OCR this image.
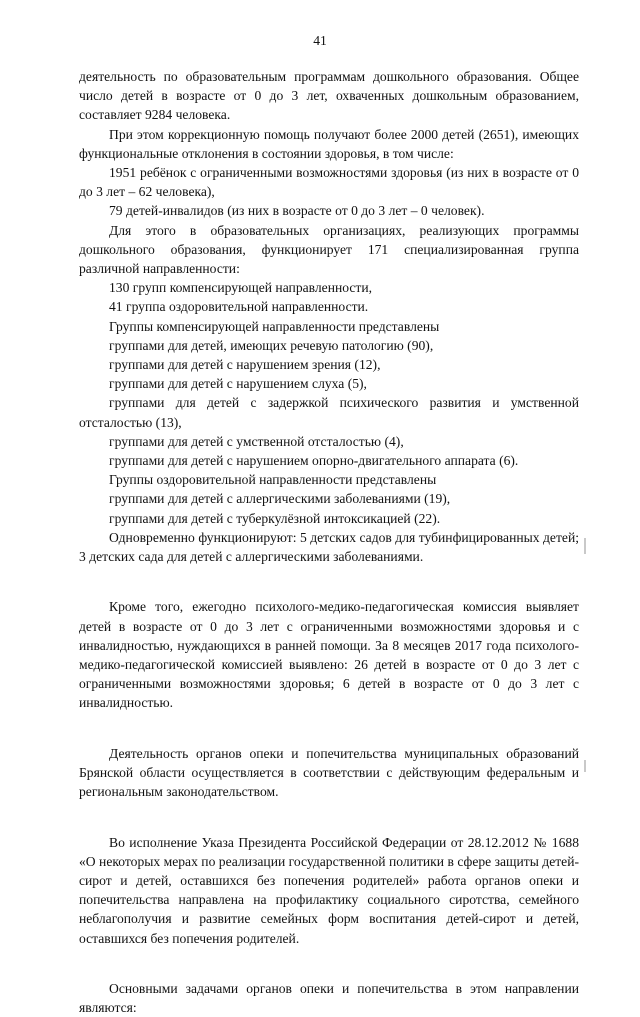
41

деятельность по образовательным программам дошкольного образования. Общее число детей в возрасте от 0 до 3 лет, охваченных дошкольным образованием, составляет 9284 человека.

При этом коррекционную помощь получают более 2000 детей (2651), имеющих функциональные отклонения в состоянии здоровья, в том числе:

1951 ребёнок с ограниченными возможностями здоровья (из них в возрасте от 0 до 3 лет – 62 человека),

79 детей-инвалидов (из них в возрасте от 0 до 3 лет – 0 человек).

Для этого в образовательных организациях, реализующих программы дошкольного образования, функционирует 171 специализированная группа различной направленности:

130 групп компенсирующей направленности,

41 группа оздоровительной направленности.

Группы компенсирующей направленности представлены

группами для детей, имеющих речевую патологию (90),

группами для детей с нарушением зрения (12),

группами для детей с нарушением слуха (5),

группами для детей с задержкой психического развития и умственной отсталостью (13),

группами для детей с умственной отсталостью (4),

группами для детей с нарушением опорно-двигательного аппарата (6).

Группы оздоровительной направленности представлены

группами для детей с аллергическими заболеваниями (19),

группами для детей с туберкулёзной интоксикацией (22).

Одновременно функционируют: 5 детских садов для тубинфицированных детей; 3 детских сада для детей с аллергическими заболеваниями.

Кроме того, ежегодно психолого-медико-педагогическая комиссия выявляет детей в возрасте от 0 до 3 лет с ограниченными возможностями здоровья и с инвалидностью, нуждающихся в ранней помощи. За 8 месяцев 2017 года психолого-медико-педагогической комиссией выявлено: 26 детей в возрасте от 0 до 3 лет с ограниченными возможностями здоровья; 6 детей в возрасте от 0 до 3 лет с инвалидностью.

Деятельность органов опеки и попечительства муниципальных образований Брянской области осуществляется в соответствии с действующим федеральным и региональным законодательством.

Во исполнение Указа Президента Российской Федерации от 28.12.2012 № 1688 «О некоторых мерах по реализации государственной политики в сфере защиты детей-сирот и детей, оставшихся без попечения родителей» работа органов опеки и попечительства направлена на профилактику социального сиротства, семейного неблагополучия и развитие семейных форм воспитания детей-сирот и детей, оставшихся без попечения родителей.

Основными задачами органов опеки и попечительства в этом направлении являются:
